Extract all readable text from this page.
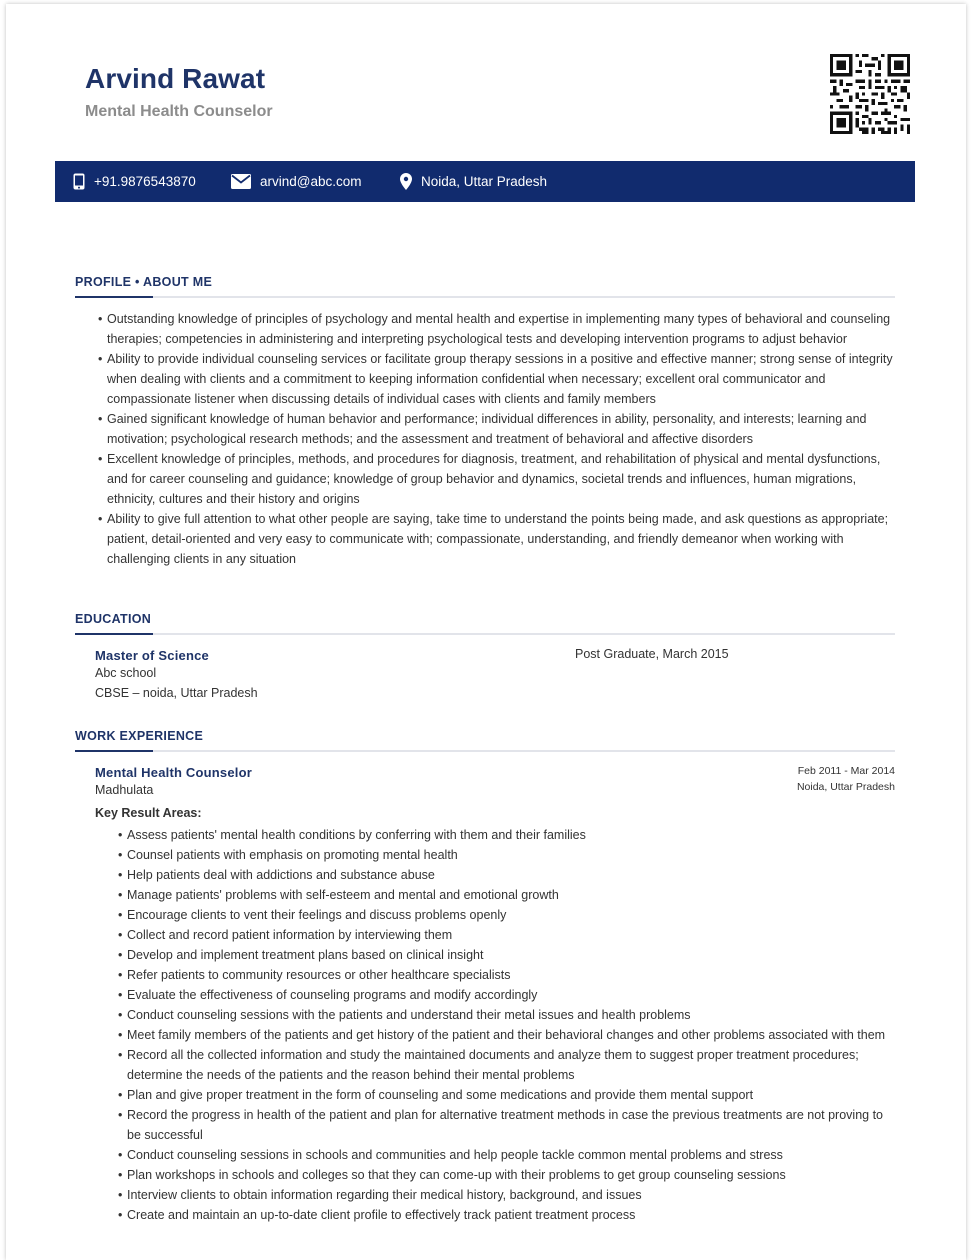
Arvind Rawat
Mental Health Counselor
+91.9876543870	arvind@abc.com	Noida, Uttar Pradesh
PROFILE • ABOUT ME
• Outstanding knowledge of principles of psychology and mental health and expertise in implementing many types of behavioral and counseling therapies; competencies in administering and interpreting psychological tests and developing intervention programs to adjust behavior
• Ability to provide individual counseling services or facilitate group therapy sessions in a positive and effective manner; strong sense of integrity when dealing with clients and a commitment to keeping information confidential when necessary; excellent oral communicator and compassionate listener when discussing details of individual cases with clients and family members
• Gained significant knowledge of human behavior and performance; individual differences in ability, personality, and interests; learning and motivation; psychological research methods; and the assessment and treatment of behavioral and affective disorders
• Excellent knowledge of principles, methods, and procedures for diagnosis, treatment, and rehabilitation of physical and mental dysfunctions, and for career counseling and guidance; knowledge of group behavior and dynamics, societal trends and influences, human migrations, ethnicity, cultures and their history and origins
• Ability to give full attention to what other people are saying, take time to understand the points being made, and ask questions as appropriate; patient, detail-oriented and very easy to communicate with; compassionate, understanding, and friendly demeanor when working with challenging clients in any situation
EDUCATION
Master of Science
Abc school
CBSE – noida, Uttar Pradesh
Post Graduate, March 2015
WORK EXPERIENCE
Mental Health Counselor
Madhulata
Feb 2011 - Mar 2014
Noida, Uttar Pradesh
Key Result Areas:
• Assess patients' mental health conditions by conferring with them and their families
• Counsel patients with emphasis on promoting mental health
• Help patients deal with addictions and substance abuse
• Manage patients' problems with self-esteem and mental and emotional growth
• Encourage clients to vent their feelings and discuss problems openly
• Collect and record patient information by interviewing them
• Develop and implement treatment plans based on clinical insight
• Refer patients to community resources or other healthcare specialists
• Evaluate the effectiveness of counseling programs and modify accordingly
• Conduct counseling sessions with the patients and understand their metal issues and health problems
• Meet family members of the patients and get history of the patient and their behavioral changes and other problems associated with them
• Record all the collected information and study the maintained documents and analyze them to suggest proper treatment procedures; determine the needs of the patients and the reason behind their mental problems
• Plan and give proper treatment in the form of counseling and some medications and provide them mental support
• Record the progress in health of the patient and plan for alternative treatment methods in case the previous treatments are not proving to be successful
• Conduct counseling sessions in schools and communities and help people tackle common mental problems and stress
• Plan workshops in schools and colleges so that they can come-up with their problems to get group counseling sessions
• Interview clients to obtain information regarding their medical history, background, and issues
• Create and maintain an up-to-date client profile to effectively track patient treatment process
